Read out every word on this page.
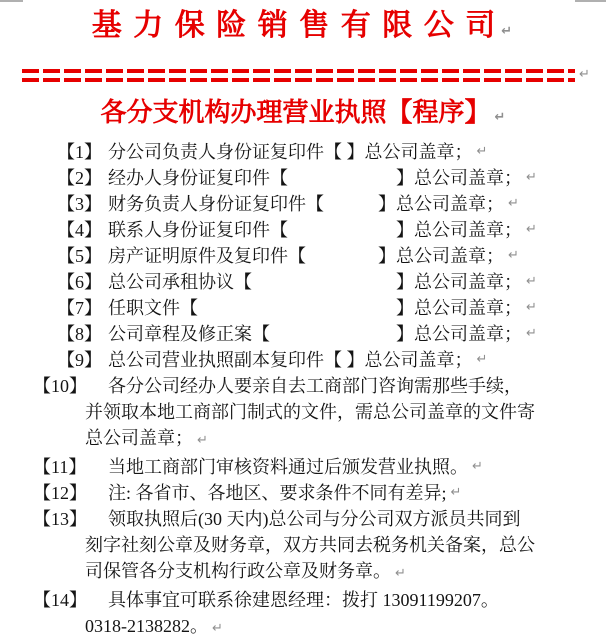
基 力 保 险 销 售 有 限 公 司 ↵
↵
各分支机构办理营业执照【程序】 ↵
【1】 分公司负责人身份证复印件【 】总公司盖章； ↵
【2】 经办人身份证复印件【　　　　　　】总公司盖章； ↵
【3】 财务负责人身份证复印件【　　　】总公司盖章； ↵
【4】 联系人身份证复印件【　　　　　　】总公司盖章； ↵
【5】 房产证明原件及复印件【　　　　】总公司盖章； ↵
【6】 总公司承租协议【　　　　　　　　】总公司盖章； ↵
【7】 任职文件【　　　　　　　　　　　】总公司盖章； ↵
【8】 公司章程及修正案【　　　　　　　】总公司盖章； ↵
【9】 总公司营业执照副本复印件【 】总公司盖章； ↵
【10】	各分公司经办人要亲自去工商部门咨询需那些手续，
并领取本地工商部门制式的文件，需总公司盖章的文件寄
总公司盖章； ↵
【11】	当地工商部门审核资料通过后颁发营业执照。 ↵
【12】	注: 各省市、各地区、要求条件不同有差异; ↵
【13】	领取执照后(30 天内)总公司与分公司双方派员共同到
刻字社刻公章及财务章，双方共同去税务机关备案，总公
司保管各分支机构行政公章及财务章。 ↵
【14】	具体事宜可联系徐建恩经理：拨打 13091199207。
0318-2138282。 ↵
